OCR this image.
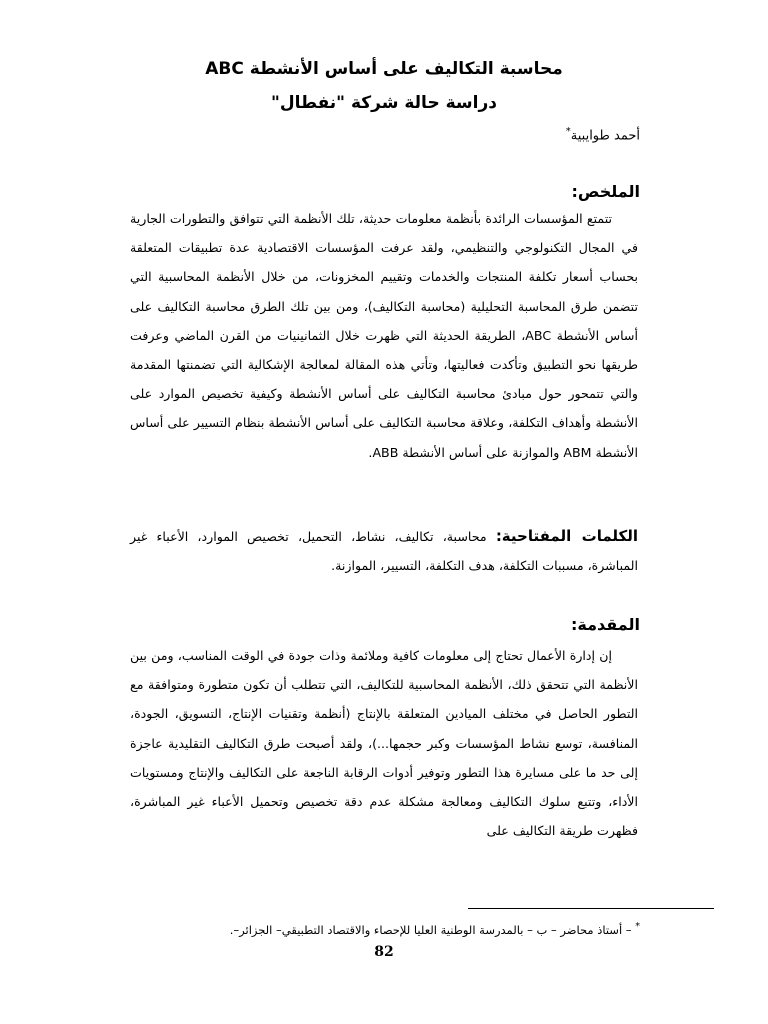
محاسبة التكاليف على أساس الأنشطة ABC
دراسة حالة شركة "نفطال"
أحمد طوايبية*
الملخص:
تتمتع المؤسسات الرائدة بأنظمة معلومات حديثة، تلك الأنظمة التي تتوافق والتطورات الجارية في المجال التكنولوجي والتنظيمي، ولقد عرفت المؤسسات الاقتصادية عدة تطبيقات المتعلقة بحساب أسعار تكلفة المنتجات والخدمات وتقييم المخزونات، من خلال الأنظمة المحاسبية التي تتضمن طرق المحاسبة التحليلية (محاسبة التكاليف)، ومن بين تلك الطرق محاسبة التكاليف على أساس الأنشطة ABC، الطريقة الحديثة التي ظهرت خلال الثمانينيات من القرن الماضي وعرفت طريقها نحو التطبيق وتأكدت فعاليتها، وتأتي هذه المقالة لمعالجة الإشكالية التي تضمنتها المقدمة والتي تتمحور حول مبادئ محاسبة التكاليف على أساس الأنشطة وكيفية تخصيص الموارد على الأنشطة وأهداف التكلفة، وعلاقة محاسبة التكاليف على أساس الأنشطة بنظام التسيير على أساس الأنشطة ABM والموازنة على أساس الأنشطة ABB.
الكلمات المفتاحية: محاسبة، تكاليف، نشاط، التحميل، تخصيص الموارد، الأعباء غير المباشرة، مسببات التكلفة، هدف التكلفة، التسيير، الموازنة.
المقدمة:
إن إدارة الأعمال تحتاج إلى معلومات كافية وملائمة وذات جودة في الوقت المناسب، ومن بين الأنظمة التي تتحقق ذلك، الأنظمة المحاسبية للتكاليف، التي تتطلب أن تكون متطورة ومتوافقة مع التطور الحاصل في مختلف الميادين المتعلقة بالإنتاج (أنظمة وتقنيات الإنتاج، التسويق، الجودة، المنافسة، توسع نشاط المؤسسات وكبر حجمها...)، ولقد أصبحت طرق التكاليف التقليدية عاجزة إلى حد ما على مسايرة هذا التطور وتوفير أدوات الرقابة الناجعة على التكاليف والإنتاج ومستويات الأداء، وتتبع سلوك التكاليف ومعالجة مشكلة عدم دقة تخصيص وتحميل الأعباء غير المباشرة، فظهرت طريقة التكاليف على
* – أستاذ محاضر – ب – بالمدرسة الوطنية العليا للإحصاء والاقتصاد التطبيقي– الجزائر–.
82
